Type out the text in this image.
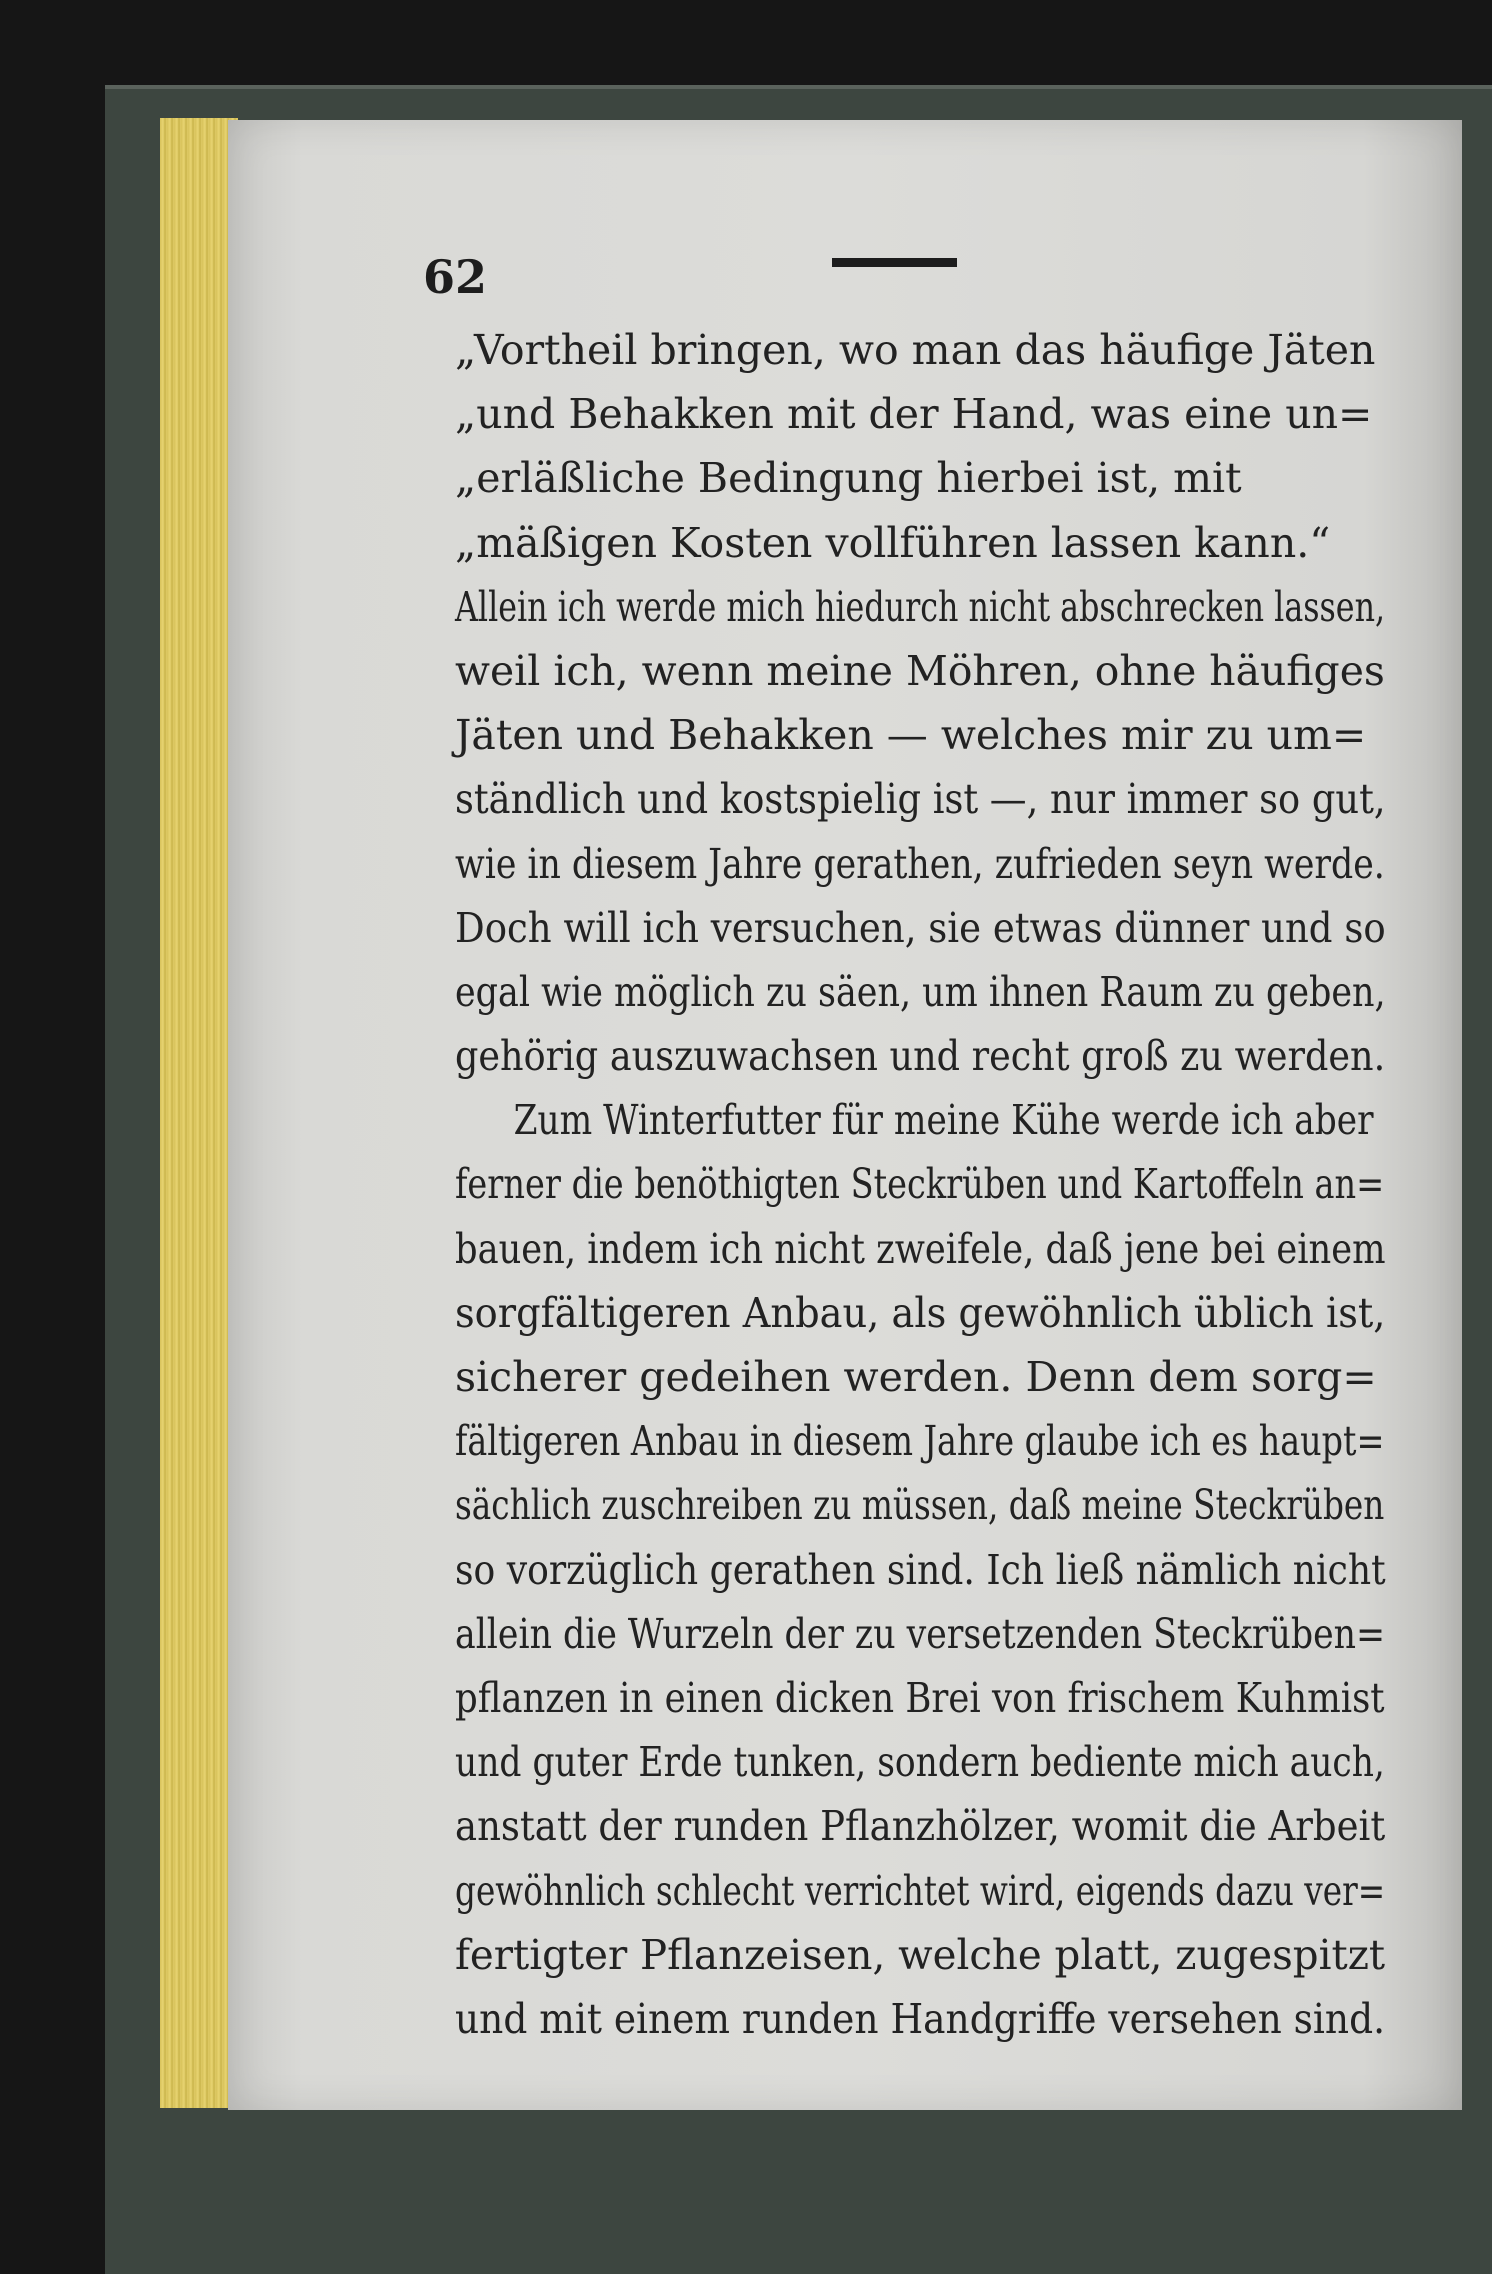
62
„Vortheil bringen, wo man das häufige Jäten
„und Behakken mit der Hand, was eine un=
„erläßliche Bedingung hierbei ist, mit
„mäßigen Kosten vollführen lassen kann.“
Allein ich werde mich hiedurch nicht abschrecken lassen,
weil ich, wenn meine Möhren, ohne häufiges
Jäten und Behakken — welches mir zu um=
ständlich und kostspielig ist —, nur immer so gut,
wie in diesem Jahre gerathen, zufrieden seyn werde.
Doch will ich versuchen, sie etwas dünner und so
egal wie möglich zu säen, um ihnen Raum zu geben,
gehörig auszuwachsen und recht groß zu werden.
Zum Winterfutter für meine Kühe werde ich aber
ferner die benöthigten Steckrüben und Kartoffeln an=
bauen, indem ich nicht zweifele, daß jene bei einem
sorgfältigeren Anbau, als gewöhnlich üblich ist,
sicherer gedeihen werden. Denn dem sorg=
fältigeren Anbau in diesem Jahre glaube ich es haupt=
sächlich zuschreiben zu müssen, daß meine Steckrüben
so vorzüglich gerathen sind. Ich ließ nämlich nicht
allein die Wurzeln der zu versetzenden Steckrüben=
pflanzen in einen dicken Brei von frischem Kuhmist
und guter Erde tunken, sondern bediente mich auch,
anstatt der runden Pflanzhölzer, womit die Arbeit
gewöhnlich schlecht verrichtet wird, eigends dazu ver=
fertigter Pflanzeisen, welche platt, zugespitzt
und mit einem runden Handgriffe versehen sind.
